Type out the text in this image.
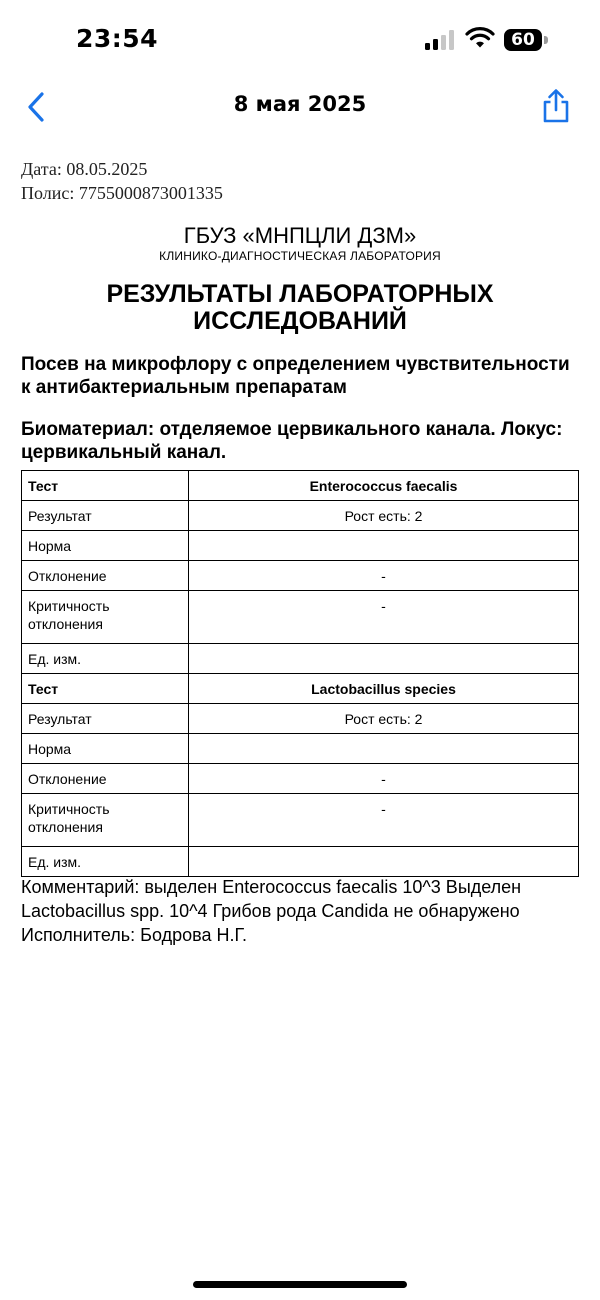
23:54	60
8 мая 2025
Дата: 08.05.2025
Полис: 7755000873001335
ГБУЗ «МНПЦЛИ ДЗМ»
КЛИНИКО-ДИАГНОСТИЧЕСКАЯ ЛАБОРАТОРИЯ
РЕЗУЛЬТАТЫ ЛАБОРАТОРНЫХ ИССЛЕДОВАНИЙ
Посев на микрофлору с определением чувствительности к антибактериальным препаратам
Биоматериал: отделяемое цервикального канала. Локус: цервикальный канал.
Тест	Enterococcus faecalis
Результат	Рост есть: 2
Норма	
Отклонение	-
Критичность отклонения	-
Ед. изм.	
Тест	Lactobacillus species
Результат	Рост есть: 2
Норма	
Отклонение	-
Критичность отклонения	-
Ед. изм.	
Комментарий: выделен Enterococcus faecalis 10^3 Выделен Lactobacillus spp. 10^4 Грибов рода Candida не обнаружено
Исполнитель: Бодрова Н.Г.
